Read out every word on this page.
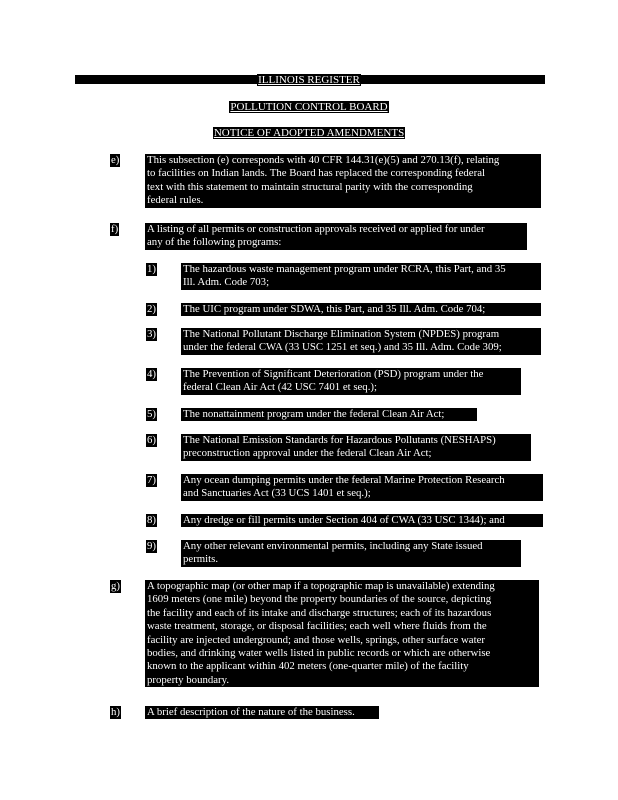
ILLINOIS REGISTER
POLLUTION CONTROL BOARD
NOTICE OF ADOPTED AMENDMENTS
e)	This subsection (e) corresponds with 40 CFR 144.31(e)(5) and 270.13(f), relating
to facilities on Indian lands. The Board has replaced the corresponding federal
text with this statement to maintain structural parity with the corresponding
federal rules.
f)	A listing of all permits or construction approvals received or applied for under
any of the following programs:
1)	The hazardous waste management program under RCRA, this Part, and 35
Ill. Adm. Code 703;
2)	The UIC program under SDWA, this Part, and 35 Ill. Adm. Code 704;
3)	The National Pollutant Discharge Elimination System (NPDES) program
under the federal CWA (33 USC 1251 et seq.) and 35 Ill. Adm. Code 309;
4)	The Prevention of Significant Deterioration (PSD) program under the
federal Clean Air Act (42 USC 7401 et seq.);
5)	The nonattainment program under the federal Clean Air Act;
6)	The National Emission Standards for Hazardous Pollutants (NESHAPS)
preconstruction approval under the federal Clean Air Act;
7)	Any ocean dumping permits under the federal Marine Protection Research
and Sanctuaries Act (33 UCS 1401 et seq.);
8)	Any dredge or fill permits under Section 404 of CWA (33 USC 1344); and
9)	Any other relevant environmental permits, including any State issued
permits.
g)	A topographic map (or other map if a topographic map is unavailable) extending
1609 meters (one mile) beyond the property boundaries of the source, depicting
the facility and each of its intake and discharge structures; each of its hazardous
waste treatment, storage, or disposal facilities; each well where fluids from the
facility are injected underground; and those wells, springs, other surface water
bodies, and drinking water wells listed in public records or which are otherwise
known to the applicant within 402 meters (one-quarter mile) of the facility
property boundary.
h)	A brief description of the nature of the business.
